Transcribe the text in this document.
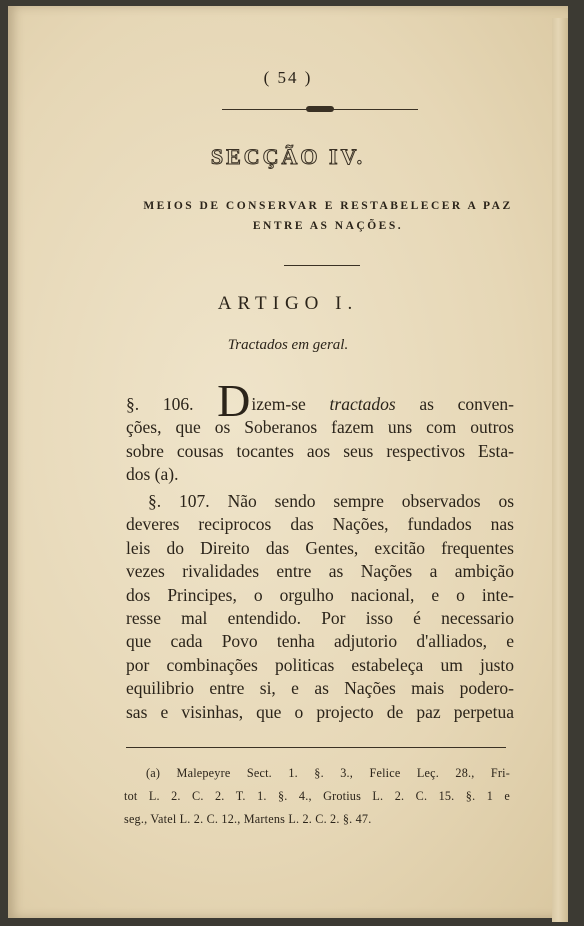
( 54 )
SECÇÃO IV.
MEIOS DE CONSERVAR E RESTABELECER A PAZ
ENTRE AS NAÇÕES.
ARTIGO I.
Tractados em geral.
§. 106. Dizem-se tractados as conven-
ções, que os Soberanos fazem uns com outros
sobre cousas tocantes aos seus respectivos Esta-
dos (a).
§. 107. Não sendo sempre observados os
deveres reciprocos das Nações, fundados nas
leis do Direito das Gentes, excitão frequentes
vezes rivalidades entre as Nações a ambição
dos Principes, o orgulho nacional, e o inte-
resse mal entendido. Por isso é necessario
que cada Povo tenha adjutorio d'alliados, e
por combinações politicas estabeleça um justo
equilibrio entre si, e as Nações mais podero-
sas e visinhas, que o projecto de paz perpetua
(a) Malepeyre Sect. 1. §. 3., Felice Leç. 28., Fri-
tot L. 2. C. 2. T. 1. §. 4., Grotius L. 2. C. 15. §. 1 e
seg., Vatel L. 2. C. 12., Martens L. 2. C. 2. §. 47.
